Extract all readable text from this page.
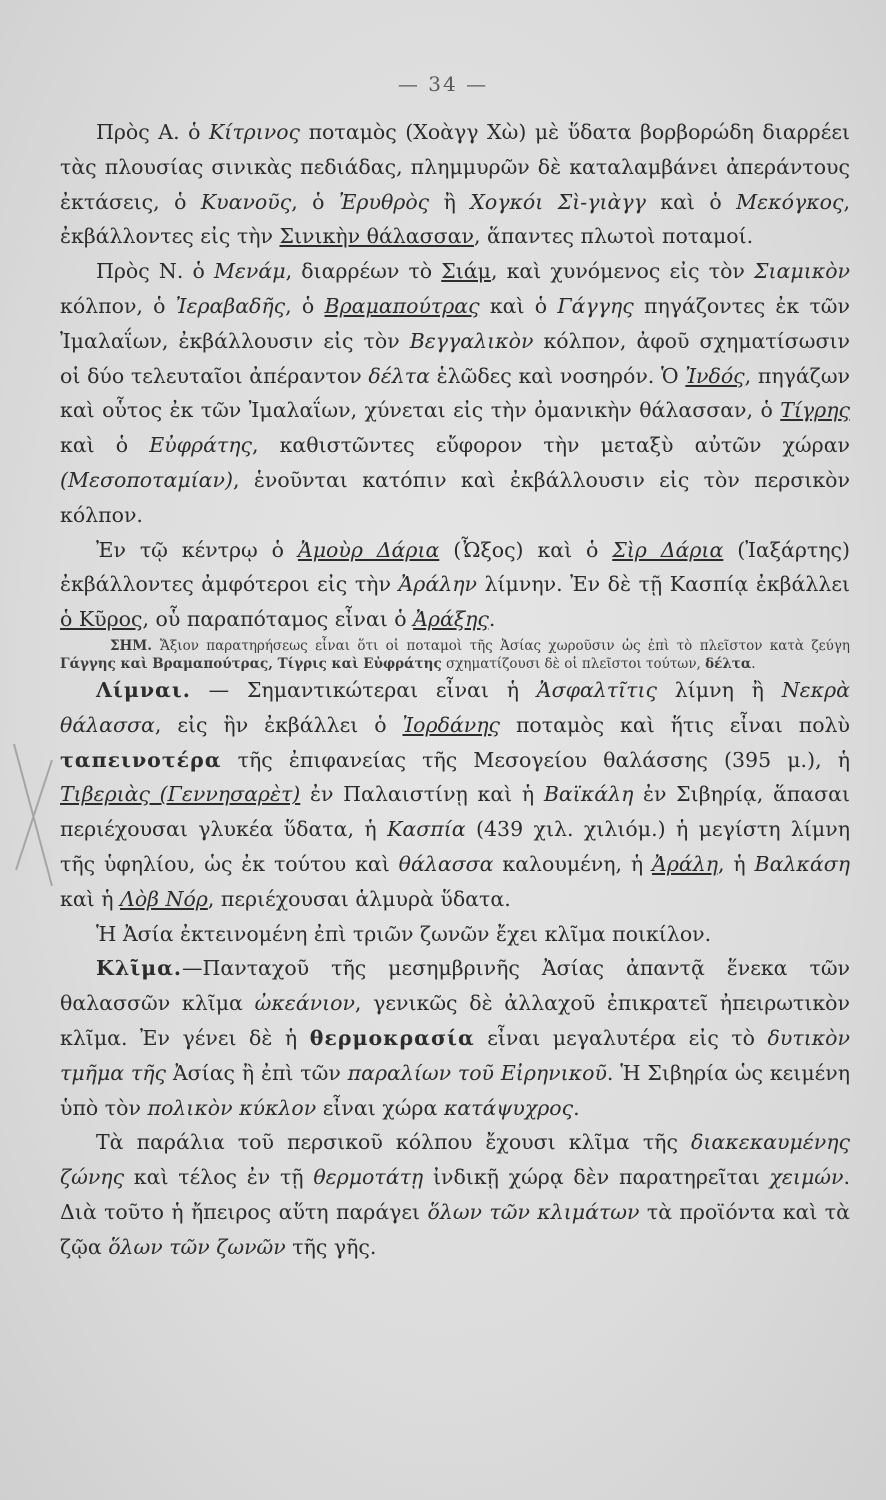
— 34 —

Πρὸς Α. ὁ Κίτρινος ποταμὸς (Χοὰγγ Χὼ) μὲ ὕδατα βορβορώδη διαρρέει τὰς πλουσίας σινικὰς πεδιάδας, πλημμυρῶν δὲ καταλαμβάνει ἀπεράντους ἐκτάσεις, ὁ Κυανοῦς, ὁ Ἐρυθρὸς ἢ Χογκόι Σὶ-γιὰγγ καὶ ὁ Μεκόγκος, ἐκβάλλοντες εἰς τὴν Σινικὴν θάλασσαν, ἅπαντες πλωτοὶ ποταμοί.

Πρὸς Ν. ὁ Μενάμ, διαρρέων τὸ Σιάμ, καὶ χυνόμενος εἰς τὸν Σιαμικὸν κόλπον, ὁ Ἰεραβαδῆς, ὁ Βραμαπούτρας καὶ ὁ Γάγγης πηγάζοντες ἐκ τῶν Ἰμαλαΐων, ἐκβάλλουσιν εἰς τὸν Βεγγαλικὸν κόλπον, ἀφοῦ σχηματίσωσιν οἱ δύο τελευταῖοι ἀπέραντον δέλτα ἑλῶδες καὶ νοσηρόν. Ὁ Ἰνδός, πηγάζων καὶ οὗτος ἐκ τῶν Ἰμαλαΐων, χύνεται εἰς τὴν ὀμανικὴν θάλασσαν, ὁ Τίγρης καὶ ὁ Εὐφράτης, καθιστῶντες εὔφορον τὴν μεταξὺ αὐτῶν χώραν (Μεσοποταμίαν), ἑνοῦνται κατόπιν καὶ ἐκβάλλουσιν εἰς τὸν περσικὸν κόλπον.

Ἐν τῷ κέντρῳ ὁ Ἀμοὺρ Δάρια (Ὦξος) καὶ ὁ Σὶρ Δάρια (Ἰαξάρτης) ἐκβάλλοντες ἀμφότεροι εἰς τὴν Ἀράλην λίμνην. Ἐν δὲ τῇ Κασπίᾳ ἐκβάλλει ὁ Κῦρος, οὗ παραπόταμος εἶναι ὁ Ἀράξης.

ΣΗΜ. Ἄξιον παρατηρήσεως εἶναι ὅτι οἱ ποταμοὶ τῆς Ἀσίας χωροῦσιν ὡς ἐπὶ τὸ πλεῖστον κατὰ ζεύγη Γάγγης καὶ Βραμαπούτρας, Τίγρις καὶ Εὐφράτης σχηματίζουσι δὲ οἱ πλεῖστοι τούτων, δέλτα.

Λίμναι. — Σημαντικώτεραι εἶναι ἡ Ἀσφαλτῖτις λίμνη ἢ Νεκρὰ θάλασσα, εἰς ἣν ἐκβάλλει ὁ Ἰορδάνης ποταμὸς καὶ ἥτις εἶναι πολὺ ταπεινοτέρα τῆς ἐπιφανείας τῆς Μεσογείου θαλάσσης (395 μ.), ἡ Τιβεριὰς (Γεννησαρὲτ) ἐν Παλαιστίνῃ καὶ ἡ Βαϊκάλη ἐν Σιβηρίᾳ, ἅπασαι περιέχουσαι γλυκέα ὕδατα, ἡ Κασπία (439 χιλ. χιλιόμ.) ἡ μεγίστη λίμνη τῆς ὑφηλίου, ὡς ἐκ τούτου καὶ θάλασσα καλουμένη, ἡ Ἀράλη, ἡ Βαλκάση καὶ ἡ Λὸβ Νόρ, περιέχουσαι ἁλμυρὰ ὕδατα.

Ἡ Ἀσία ἐκτεινομένη ἐπὶ τριῶν ζωνῶν ἔχει κλῖμα ποικίλον.

Κλῖμα.—Πανταχοῦ τῆς μεσημβρινῆς Ἀσίας ἀπαντᾷ ἕνεκα τῶν θαλασσῶν κλῖμα ὠκεάνιον, γενικῶς δὲ ἀλλαχοῦ ἐπικρατεῖ ἠπειρωτικὸν κλῖμα. Ἐν γένει δὲ ἡ θερμοκρασία εἶναι μεγαλυτέρα εἰς τὸ δυτικὸν τμῆμα τῆς Ἀσίας ἢ ἐπὶ τῶν παραλίων τοῦ Εἰρηνικοῦ. Ἡ Σιβηρία ὡς κειμένη ὑπὸ τὸν πολικὸν κύκλον εἶναι χώρα κατάψυχρος.

Τὰ παράλια τοῦ περσικοῦ κόλπου ἔχουσι κλῖμα τῆς διακεκαυμένης ζώνης καὶ τέλος ἐν τῇ θερμοτάτῃ ἰνδικῇ χώρᾳ δὲν παρατηρεῖται χειμών. Διὰ τοῦτο ἡ ἤπειρος αὕτη παράγει ὅλων τῶν κλιμάτων τὰ προϊόντα καὶ τὰ ζῷα ὅλων τῶν ζωνῶν τῆς γῆς.
